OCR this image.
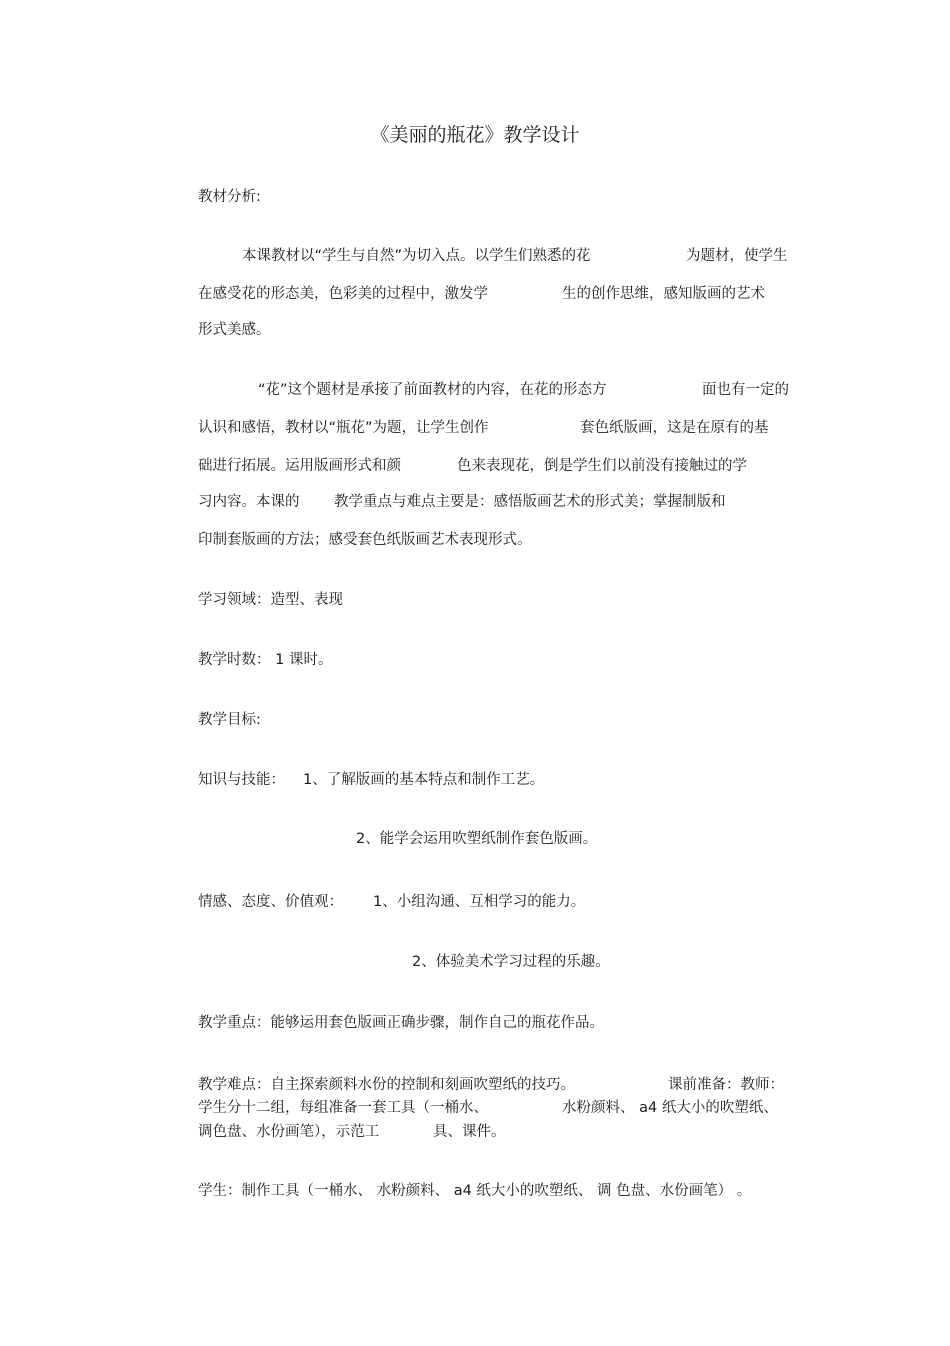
《美丽的瓶花》教学设计
教材分析:
本课教材以“学生与自然”为切入点。以学生们熟悉的花	为题材，使学生
在感受花的形态美，色彩美的过程中，激发学	生的创作思维，感知版画的艺术
形式美感。
“花”这个题材是承接了前面教材的内容，在花的形态方	面也有一定的
认识和感悟，教材以“瓶花”为题，让学生创作	套色纸版画，这是在原有的基
础进行拓展。运用版画形式和颜	色来表现花，倒是学生们以前没有接触过的学
习内容。本课的 教学重点与难点主要是：感悟版画艺术的形式美；掌握制版和
印制套版画的方法；感受套色纸版画艺术表现形式。
学习领域：造型、表现
教学时数： 1 课时。
教学目标:
知识与技能： 1、了解版画的基本特点和制作工艺。
2、能学会运用吹塑纸制作套色版画。
情感、态度、价值观： 1、小组沟通、互相学习的能力。
2、体验美术学习过程的乐趣。
教学重点：能够运用套色版画正确步骤，制作自己的瓶花作品。
教学难点：自主探索颜料水份的控制和刻画吹塑纸的技巧。	课前准备：教师：
学生分十二组，每组准备一套工具（一桶水、	水粉颜料、 a4 纸大小的吹塑纸、
调色盘、水份画笔），示范工	具、课件。
学生：制作工具（一桶水、 水粉颜料、 a4 纸大小的吹塑纸、 调 色盘、水份画笔） 。
